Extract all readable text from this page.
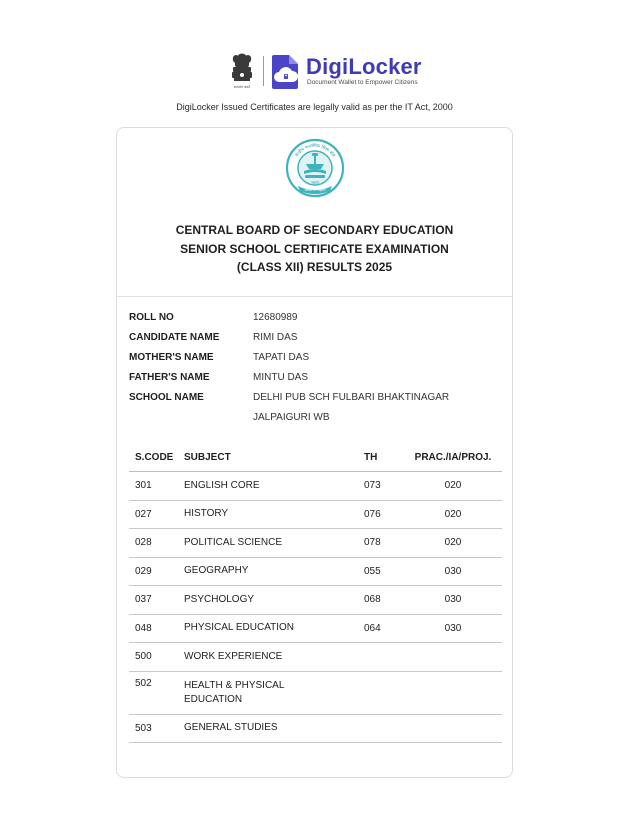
सत्यमेव जयते
DigiLocker
Document Wallet to Empower Citizens
DigiLocker Issued Certificates are legally valid as per the IT Act, 2000
केन्द्रीय माध्यमिक शिक्षा बोर्ड
भारत
असतो मा सद्गमय
CENTRAL BOARD OF SECONDARY EDUCATION
SENIOR SCHOOL CERTIFICATE EXAMINATION
(CLASS XII) RESULTS 2025
ROLL NO	12680989
CANDIDATE NAME	RIMI DAS
MOTHER'S NAME	TAPATI DAS
FATHER'S NAME	MINTU DAS
SCHOOL NAME	DELHI PUB SCH FULBARI BHAKTINAGAR
JALPAIGURI WB
S.CODE	SUBJECT	TH	PRAC./IA/PROJ.
301	ENGLISH CORE	073	020
027	HISTORY	076	020
028	POLITICAL SCIENCE	078	020
029	GEOGRAPHY	055	030
037	PSYCHOLOGY	068	030
048	PHYSICAL EDUCATION	064	030
500	WORK EXPERIENCE		
502	HEALTH & PHYSICAL
EDUCATION		

503	GENERAL STUDIES		
